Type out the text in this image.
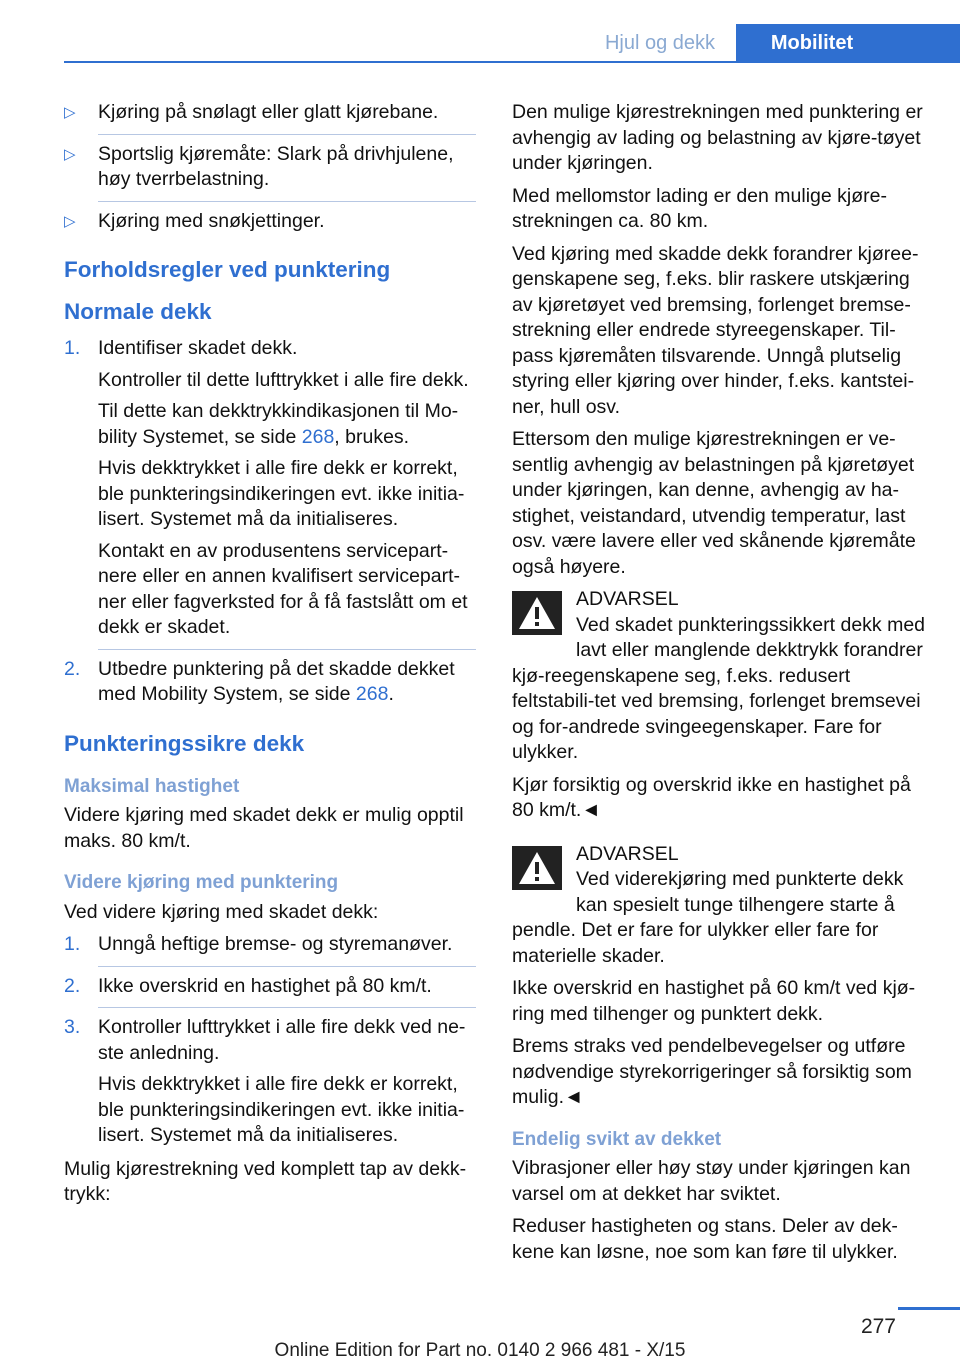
Hjul og dekk	Mobilitet
▷ Kjøring på snølagt eller glatt kjørebane.
▷ Sportslig kjøremåte: Slark på drivhjulene, høy tverrbelastning.
▷ Kjøring med snøkjettinger.
Forholdsregler ved punktering
Normale dekk
1. Identifiser skadet dekk.
Kontroller til dette lufttrykket i alle fire dekk.
Til dette kan dekktrykkindikasjonen til Mo-bility Systemet, se side 268, brukes.
Hvis dekktrykket i alle fire dekk er korrekt, ble punkteringsindikeringen evt. ikke initia-lisert. Systemet må da initialiseres.
Kontakt en av produsentens servicepart-nere eller en annen kvalifisert servicepart-ner eller fagverksted for å få fastslått om et dekk er skadet.
2. Utbedre punktering på det skadde dekket med Mobility System, se side 268.
Punkteringssikre dekk
Maksimal hastighet

Videre kjøring med skadet dekk er mulig opptil maks. 80 km/t.

Videre kjøring med punktering

Ved videre kjøring med skadet dekk:

1. Unngå heftige bremse- og styremanøver.
2. Ikke overskrid en hastighet på 80 km/t.
3. Kontroller lufttrykket i alle fire dekk ved ne-ste anledning.
Hvis dekktrykket i alle fire dekk er korrekt, ble punkteringsindikeringen evt. ikke initia-lisert. Systemet må da initialiseres.

Mulig kjørestrekning ved komplett tap av dekk-trykk:

Den mulige kjørestrekningen med punktering er avhengig av lading og belastning av kjøre-tøyet under kjøringen.

Med mellomstor lading er den mulige kjøre-strekningen ca. 80 km.

Ved kjøring med skadde dekk forandrer kjøree-genskapene seg, f.eks. blir raskere utskjæring av kjøretøyet ved bremsing, forlenget bremse-strekning eller endrede styreegenskaper. Til-pass kjøremåten tilsvarende. Unngå plutselig styring eller kjøring over hinder, f.eks. kantstei-ner, hull osv.

Ettersom den mulige kjørestrekningen er ve-sentlig avhengig av belastningen på kjøretøyet under kjøringen, kan denne, avhengig av ha-stighet, veistandard, utvendig temperatur, last osv. være lavere eller ved skånende kjøremåte også høyere.

ADVARSEL

Ved skadet punkteringssikkert dekk med lavt eller manglende dekktrykk forandrer kjø-reegenskapene seg, f.eks. redusert feltstabili-tet ved bremsing, forlenget bremsevei og for-andrede svingeegenskaper. Fare for ulykker.

Kjør forsiktig og overskrid ikke en hastighet på 80 km/t.◄

ADVARSEL

Ved viderekjøring med punkterte dekk kan spesielt tunge tilhengere starte å pendle. Det er fare for ulykker eller fare for materielle skader.

Ikke overskrid en hastighet på 60 km/t ved kjø-ring med tilhenger og punktert dekk.

Brems straks ved pendelbevegelser og utføre nødvendige styrekorrigeringer så forsiktig som mulig.◄

Endelig svikt av dekket

Vibrasjoner eller høy støy under kjøringen kan varsel om at dekket har sviktet.

Reduser hastigheten og stans. Deler av dek-kene kan løsne, noe som kan føre til ulykker.

277
Online Edition for Part no. 0140 2 966 481 - X/15
